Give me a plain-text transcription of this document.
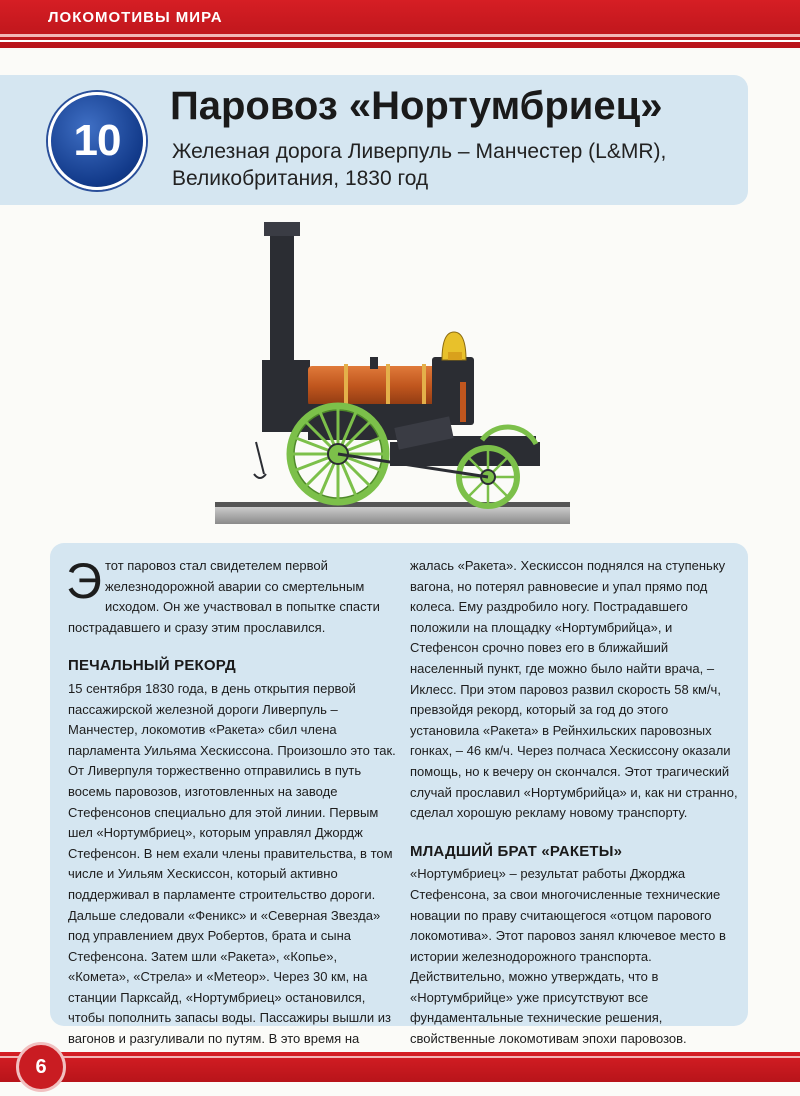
ЛОКОМОТИВЫ МИРА
10
Паровоз «Нортумбриец»
Железная дорога Ливерпуль – Манчестер (L&MR),
Великобритания, 1830 год

Этот паровоз стал свидетелем первой железнодорожной аварии со смертельным исходом. Он же участвовал в попытке спасти пострадавшего и сразу этим прославился.

ПЕЧАЛЬНЫЙ РЕКОРД

15 сентября 1830 года, в день открытия первой пассажирской железной дороги Ливерпуль – Манчестер, локомотив «Ракета» сбил члена парламента Уильяма Хескиссона. Произошло это так. От Ливерпуля торжественно отправились в путь восемь паровозов, изготовленных на заводе Стефенсонов специально для этой линии. Первым шел «Нортумбриец», которым управлял Джордж Стефенсон. В нем ехали члены правительства, в том числе и Уильям Хескиссон, который активно поддерживал в парламенте строительство дороги. Дальше следовали «Феникс» и «Северная Звезда» под управлением двух Робертов, брата и сына Стефенсона. Затем шли «Ракета», «Копье», «Комета», «Стрела» и «Метеор». Через 30 км, на станции Парксайд, «Нортумбриец» остановился, чтобы пополнить запасы воды. Пассажиры вышли из вагонов и разгуливали по путям. В это время на

жалась «Ракета». Хескиссон поднялся на ступеньку вагона, но потерял равновесие и упал прямо под колеса. Ему раздробило ногу. Пострадавшего положили на площадку «Нортумбрийца», и Стефенсон срочно повез его в ближайший населенный пункт, где можно было найти врача, – Иклесс. При этом паровоз развил скорость 58 км/ч, превзойдя рекорд, который за год до этого установила «Ракета» в Рейнхильских паровозных гонках, – 46 км/ч. Через полчаса Хескиссону оказали помощь, но к вечеру он скончался. Этот трагический случай прославил «Нортумбрийца» и, как ни странно, сделал хорошую рекламу новому транспорту.

МЛАДШИЙ БРАТ «РАКЕТЫ»

«Нортумбриец» – результат работы Джорджа Стефенсона, за свои многочисленные технические новации по праву считающегося «отцом парового локомотива». Этот паровоз занял ключевое место в истории железнодорожного транспорта. Действительно, можно утверждать, что в «Нортумбрийце» уже присутствуют все фундаментальные технические решения, свойственные локомотивам эпохи паровозов.

6
